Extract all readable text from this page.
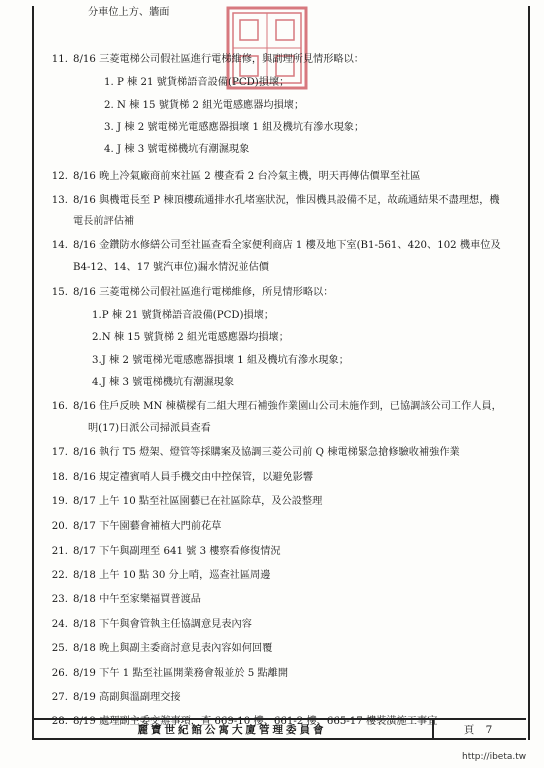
分車位上方、牆面
11. 8/16 三菱電梯公司假社區進行電梯維修，與副理所見情形略以：
1. P 棟 21 號貨梯語音設備(PCD)損壞；
2. N 棟 15 號貨梯 2 組光電感應器均損壞；
3. J 棟 2 號電梯光電感應器損壞 1 組及機坑有滲水現象；
4. J 棟 3 號電梯機坑有潮濕現象
12. 8/16 晚上冷氣廠商前來社區 2 樓查看 2 台冷氣主機，明天再傳估價單至社區
13. 8/16 與機電長至 P 棟頂樓疏通排水孔堵塞狀況，惟因機具設備不足，故疏通結果不盡理想，機
電長前評估補
14. 8/16 金鑽防水修繕公司至社區查看全家便利商店 1 樓及地下室(B1-561、420、102 機車位及
B4-12、14、17 號汽車位)漏水情況並估價
15. 8/16 三菱電梯公司假社區進行電梯維修，所見情形略以：
1.P 棟 21 號貨梯語音設備(PCD)損壞；
2.N 棟 15 號貨梯 2 組光電感應器均損壞；
3.J 棟 2 號電梯光電感應器損壞 1 組及機坑有滲水現象；
4.J 棟 3 號電梯機坑有潮濕現象
16. 8/16 住戶反映 MN 棟橫樑有二組大理石補強作業園山公司未施作到，已協調該公司工作人員，
明(17)日派公司掃派員查看
17. 8/16 執行 T5 燈架、燈管等採購案及協調三菱公司前 Q 棟電梯緊急搶修驗收補強作業
18. 8/16 規定禮賓哨人員手機交由中控保管，以避免影響
19. 8/17 上午 10 點至社區園藝已在社區除草，及公設整理
20. 8/17 下午園藝會補植大門前花草
21. 8/17 下午與副理至 641 號 3 樓察看修復情況
22. 8/18 上午 10 點 30 分上哨，巡查社區周邊
23. 8/18 中午至家樂福買普渡品
24. 8/18 下午與會管執主任協調意見表內容
25. 8/18 晚上與副主委商討意見表內容如何回覆
26. 8/19 下午 1 點至社區開業務會報並於 5 點離開
27. 8/19 高副與溫副理交接
28. 8/19 處理副主委交辦事項，查 669-10 樓、661-2 樓、665-17 樓裝潢施工事宜
麗寶世紀館公寓大廈管理委員會	頁 7
http://ibeta.tw
